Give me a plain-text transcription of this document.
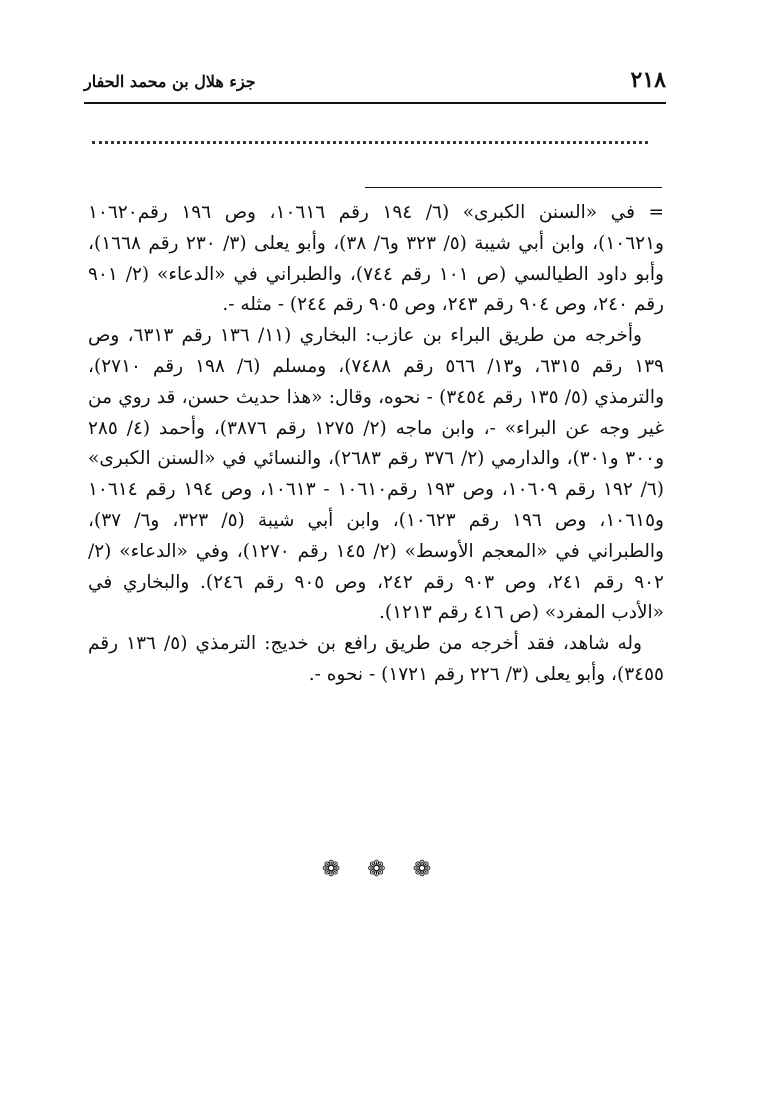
٢١٨
جزء هلال بن محمد الحفار

= في «السنن الكبرى» (٦/ ١٩٤ رقم ١٠٦١٦، وص ١٩٦ رقم١٠٦٢٠ و١٠٦٢١)، وابن أبي شيبة (٥/ ٣٢٣ و٦/ ٣٨)، وأبو يعلى (٣/ ٢٣٠ رقم ١٦٦٨)، وأبو داود الطيالسي (ص ١٠١ رقم ٧٤٤)، والطبراني في «الدعاء» (٢/ ٩٠١ رقم ٢٤٠، وص ٩٠٤ رقم ٢٤٣، وص ٩٠٥ رقم ٢٤٤) - مثله -.

وأخرجه من طريق البراء بن عازب: البخاري (١١/ ١٣٦ رقم ٦٣١٣، وص ١٣٩ رقم ٦٣١٥، و١٣/ ٥٦٦ رقم ٧٤٨٨)، ومسلم (٦/ ١٩٨ رقم ٢٧١٠)، والترمذي (٥/ ١٣٥ رقم ٣٤٥٤) - نحوه، وقال: «هذا حديث حسن، قد روي من غير وجه عن البراء» -، وابن ماجه (٢/ ١٢٧٥ رقم ٣٨٧٦)، وأحمد (٤/ ٢٨٥ و٣٠٠ و٣٠١)، والدارمي (٢/ ٣٧٦ رقم ٢٦٨٣)، والنسائي في «السنن الكبرى» (٦/ ١٩٢ رقم ١٠٦٠٩، وص ١٩٣ رقم١٠٦١٠ - ١٠٦١٣، وص ١٩٤ رقم ١٠٦١٤ و١٠٦١٥، وص ١٩٦ رقم ١٠٦٢٣)، وابن أبي شيبة (٥/ ٣٢٣، و٦/ ٣٧)، والطبراني في «المعجم الأوسط» (٢/ ١٤٥ رقم ١٢٧٠)، وفي «الدعاء» (٢/ ٩٠٢ رقم ٢٤١، وص ٩٠٣ رقم ٢٤٢، وص ٩٠٥ رقم ٢٤٦). والبخاري في «الأدب المفرد» (ص ٤١٦ رقم ١٢١٣).

وله شاهد، فقد أخرجه من طريق رافع بن خديج: الترمذي (٥/ ١٣٦ رقم ٣٤٥٥)، وأبو يعلى (٣/ ٢٢٦ رقم ١٧٢١) - نحوه -.

❁ ❁ ❁
